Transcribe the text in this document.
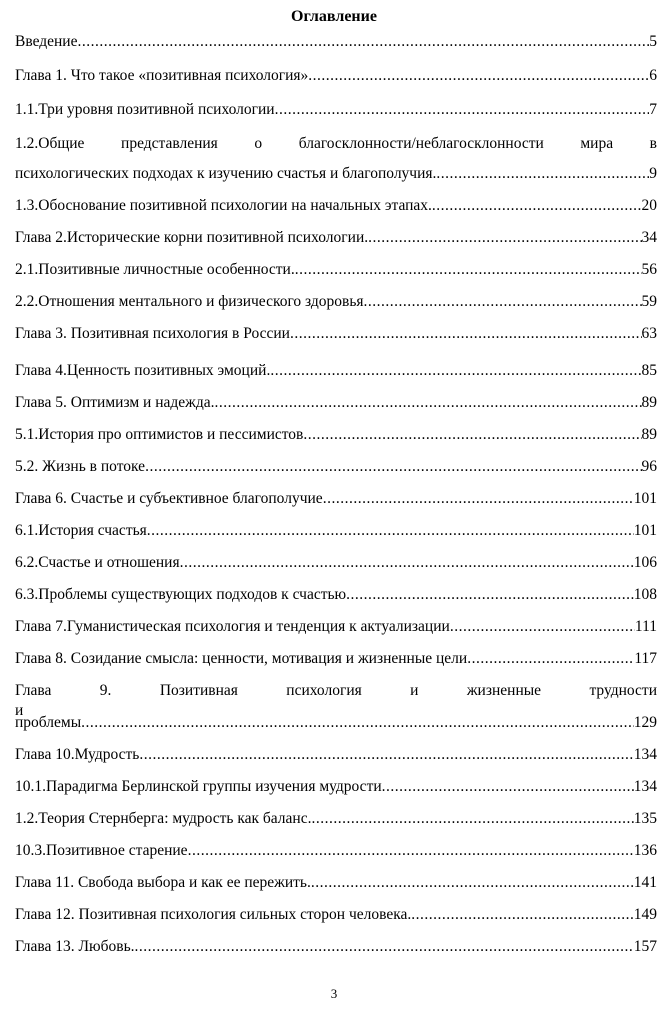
Оглавление
Введение .....	5
Глава 1. Что такое «позитивная психология» .....	6
1.1.Три уровня позитивной психологии .....	7
1.2.Общие представления о благосклонности/неблагосклонности мира в
психологических подходах к изучению счастья и благополучия. .....	9
1.3.Обоснование позитивной психологии на начальных этапах. .....	20
Глава 2.Исторические корни позитивной психологии. .....	34
2.1.Позитивные личностные особенности. .....	56
2.2.Отношения ментального и физического здоровья .....	59
Глава 3. Позитивная психология в России .....	63
Глава 4.Ценность позитивных эмоций. .....	85
Глава 5. Оптимизм и надежда. .....	89
5.1.История про оптимистов и пессимистов .....	89
5.2. Жизнь в потоке .....	96
Глава 6. Счастье и субъективное благополучие .....	101
6.1.История счастья .....	101
6.2.Счастье и отношения .....	106
6.3.Проблемы существующих подходов к счастью .....	108
Глава 7.Гуманистическая психология и тенденция к актуализации .....	111
Глава 8. Созидание смысла: ценности, мотивация и жизненные цели .....	117
Глава 9. Позитивная психология и жизненные трудности и
проблемы .....	129
Глава 10.Мудрость .....	134
10.1.Парадигма Берлинской группы изучения мудрости .....	134
1.2.Теория Стернберга: мудрость как баланс. .....	135
10.3.Позитивное старение .....	136
Глава 11. Свобода выбора и как ее пережить. .....	141
Глава 12. Позитивная психология сильных сторон человека. .....	149
Глава 13. Любовь. .....	157
3
